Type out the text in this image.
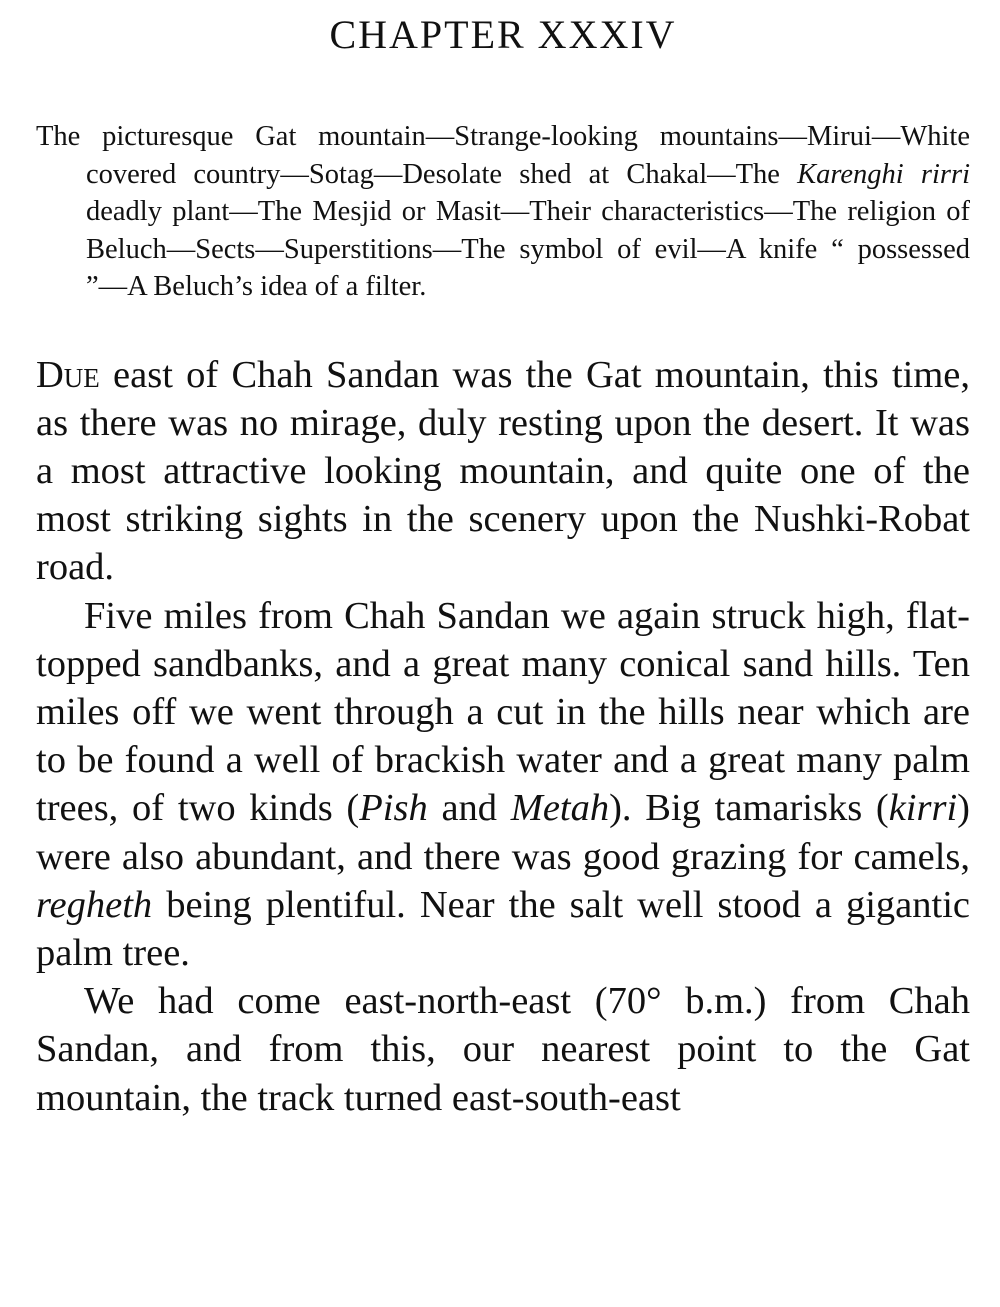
CHAPTER XXXIV

The picturesque Gat mountain—Strange-looking mountains—Mirui—White covered country—Sotag—Desolate shed at Chakal—The Karenghi rirri deadly plant—The Mesjid or Masit—Their characteristics—The religion of Beluch—Sects—Superstitions—The symbol of evil—A knife “ possessed ”—A Beluch’s idea of a filter.

Due east of Chah Sandan was the Gat mountain, this time, as there was no mirage, duly resting upon the desert. It was a most attractive looking mountain, and quite one of the most striking sights in the scenery upon the Nushki-Robat road.

Five miles from Chah Sandan we again struck high, flat-topped sandbanks, and a great many conical sand hills. Ten miles off we went through a cut in the hills near which are to be found a well of brackish water and a great many palm trees, of two kinds (Pish and Metah). Big tamarisks (kirri) were also abundant, and there was good grazing for camels, regheth being plentiful. Near the salt well stood a gigantic palm tree.

We had come east-north-east (70° b.m.) from Chah Sandan, and from this, our nearest point to the Gat mountain, the track turned east-south-east
